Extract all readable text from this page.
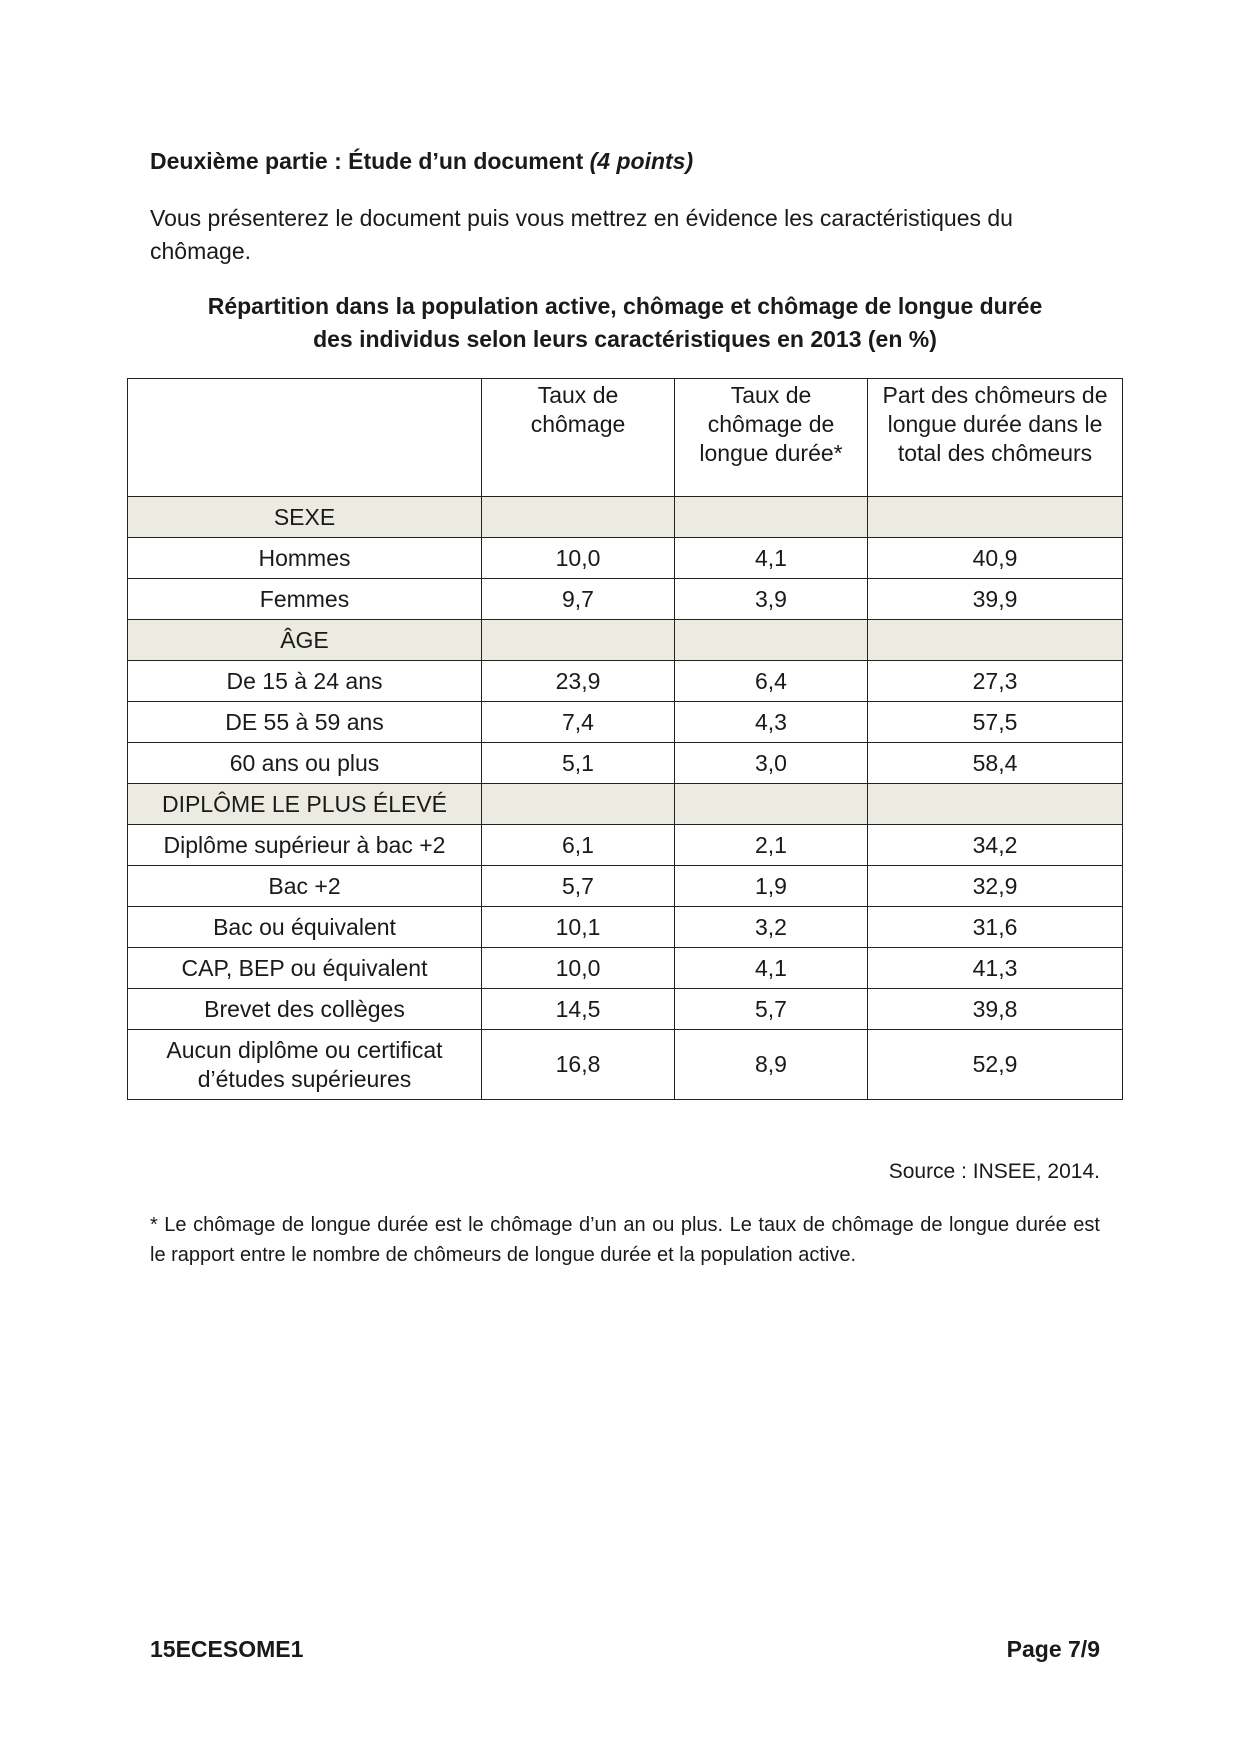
Deuxième partie : Étude d’un document (4 points)
Vous présenterez le document puis vous mettrez en évidence les caractéristiques du chômage.
Répartition dans la population active, chômage et chômage de longue durée
des individus selon leurs caractéristiques en 2013 (en %)
	Taux de chômage	Taux de chômage de longue durée*	Part des chômeurs de longue durée dans le total des chômeurs
SEXE			
Hommes	10,0	4,1	40,9
Femmes	9,7	3,9	39,9
ÂGE			
De 15 à 24 ans	23,9	6,4	27,3
DE 55 à 59 ans	7,4	4,3	57,5
60 ans ou plus	5,1	3,0	58,4
DIPLÔME LE PLUS ÉLEVÉ			
Diplôme supérieur à bac +2	6,1	2,1	34,2
Bac +2	5,7	1,9	32,9
Bac ou équivalent	10,1	3,2	31,6
CAP, BEP ou équivalent	10,0	4,1	41,3
Brevet des collèges	14,5	5,7	39,8
Aucun diplôme ou certificat d’études supérieures	16,8	8,9	52,9
Source : INSEE, 2014.
* Le chômage de longue durée est le chômage d’un an ou plus. Le taux de chômage de longue durée est le rapport entre le nombre de chômeurs de longue durée et la population active.
15ECESOME1	Page 7/9
